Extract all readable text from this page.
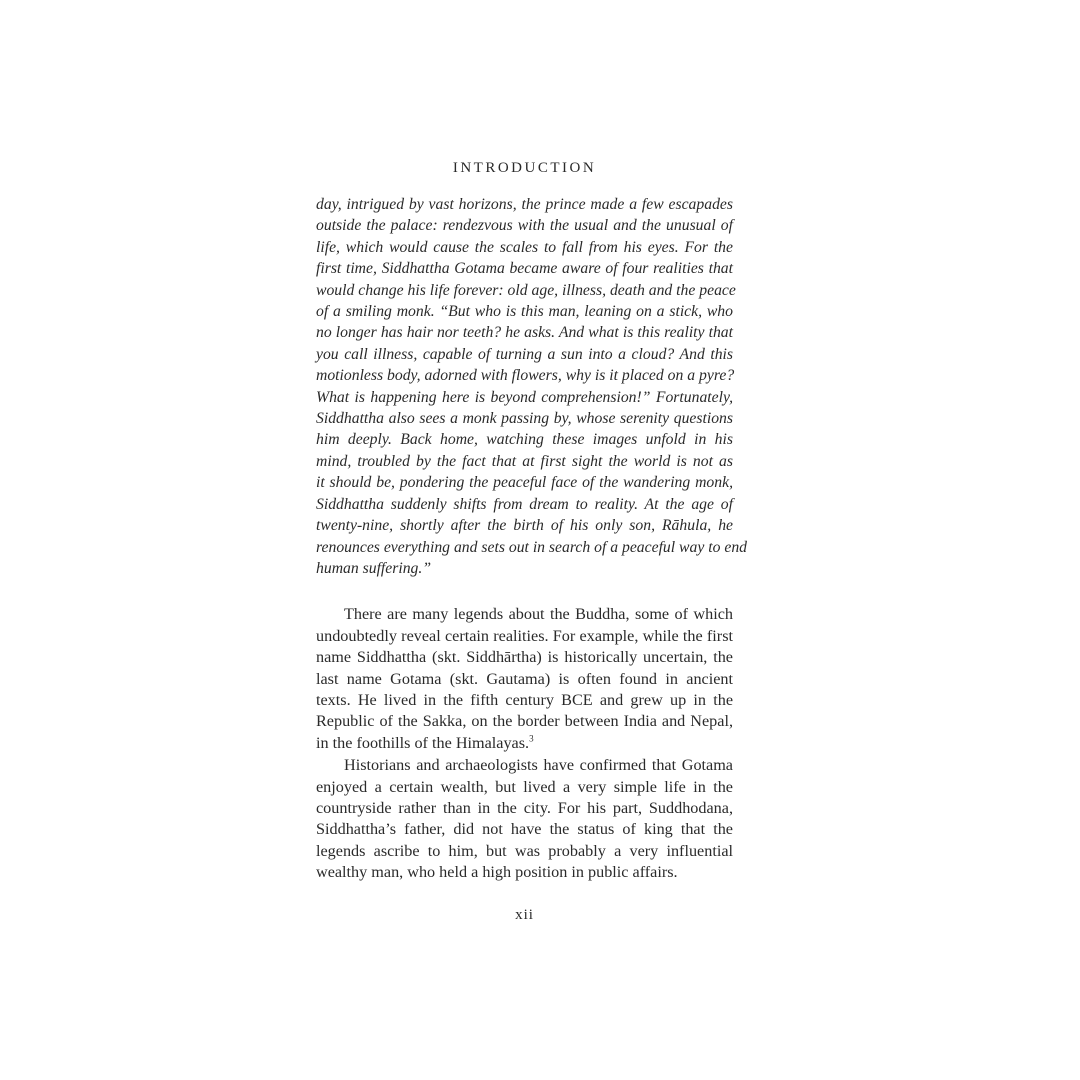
INTRODUCTION
day, intrigued by vast horizons, the prince made a few escapades
outside the palace: rendezvous with the usual and the unusual of
life, which would cause the scales to fall from his eyes. For the
first time, Siddhattha Gotama became aware of four realities that
would change his life forever: old age, illness, death and the peace
of a smiling monk. “But who is this man, leaning on a stick, who
no longer has hair nor teeth? he asks. And what is this reality that
you call illness, capable of turning a sun into a cloud? And this
motionless body, adorned with flowers, why is it placed on a pyre?
What is happening here is beyond comprehension!” Fortunately,
Siddhattha also sees a monk passing by, whose serenity questions
him deeply. Back home, watching these images unfold in his
mind, troubled by the fact that at first sight the world is not as
it should be, pondering the peaceful face of the wandering monk,
Siddhattha suddenly shifts from dream to reality. At the age of
twenty-nine, shortly after the birth of his only son, Rāhula, he
renounces everything and sets out in search of a peaceful way to end
human suffering.”
There are many legends about the Buddha, some of which
undoubtedly reveal certain realities. For example, while the first
name Siddhattha (skt. Siddhārtha) is historically uncertain, the
last name Gotama (skt. Gautama) is often found in ancient
texts. He lived in the fifth century BCE and grew up in the
Republic of the Sakka, on the border between India and Nepal,
in the foothills of the Himalayas.$^3$
Historians and archaeologists have confirmed that Gotama
enjoyed a certain wealth, but lived a very simple life in the
countryside rather than in the city. For his part, Suddhodana,
Siddhattha’s father, did not have the status of king that the
legends ascribe to him, but was probably a very influential
wealthy man, who held a high position in public affairs.
xii
